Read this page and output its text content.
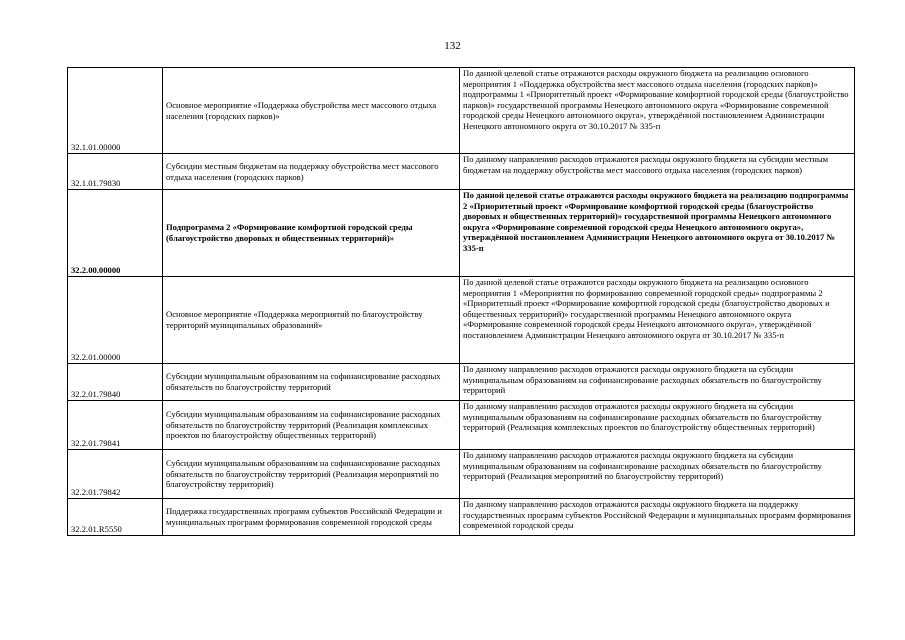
132
32.1.01.00000	Основное мероприятие «Поддержка обустройства мест массового отдыха населения (городских парков)»	По данной целевой статье отражаются расходы окружного бюджета на реализацию основного мероприятия 1 «Поддержка обустройства мест массового отдыха населения (городских парков)» подпрограммы 1 «Приоритетный проект «Формирование комфортной городской среды (благоустройство парков)» государственной программы Ненецкого автономного округа «Формирование современной городской среды Ненецкого автономного округа», утверждённой постановлением Администрации Ненецкого автономного округа от 30.10.2017 № 335-п
32.1.01.79830	Субсидии местным бюджетам на поддержку обустройства мест массового отдыха населения (городских парков)	По данному направлению расходов отражаются расходы окружного бюджета на субсидии местным бюджетам на поддержку обустройства мест массового отдыха населения (городских парков)
32.2.00.00000	Подпрограмма 2 «Формирование комфортной городской среды (благоустройство дворовых и общественных территорий)»	По данной целевой статье отражаются расходы окружного бюджета на реализацию подпрограммы 2 «Приоритетный проект «Формирование комфортной городской среды (благоустройство дворовых и общественных территорий)» государственной программы Ненецкого автономного округа «Формирование современной городской среды Ненецкого автономного округа», утверждённой постановлением Администрации Ненецкого автономного округа от 30.10.2017 № 335-п
32.2.01.00000	Основное мероприятие «Поддержка мероприятий по благоустройству территорий муниципальных образований»	По данной целевой статье отражаются расходы окружного бюджета на реализацию основного мероприятия 1 «Мероприятия по формированию современной городской среды» подпрограммы 2 «Приоритетный проект «Формирование комфортной городской среды (благоустройство дворовых и общественных территорий)» государственной программы Ненецкого автономного округа «Формирование современной городской среды Ненецкого автономного округа», утверждённой постановлением Администрации Ненецкого автономного округа от 30.10.2017 № 335-п
32.2.01.79840	Субсидии муниципальным образованиям на софинансирование расходных обязательств по благоустройству территорий	По данному направлению расходов отражаются расходы окружного бюджета на субсидии муниципальным образованиям на софинансирование расходных обязательств по благоустройству территорий
32.2.01.79841	Субсидии муниципальным образованиям на софинансирование расходных обязательств по благоустройству территорий (Реализация комплексных проектов по благоустройству общественных территорий)	По данному направлению расходов отражаются расходы окружного бюджета на субсидии муниципальным образованиям на софинансирование расходных обязательств по благоустройству территорий (Реализация комплексных проектов по благоустройству общественных территорий)
32.2.01.79842	Субсидии муниципальным образованиям на софинансирование расходных обязательств по благоустройству территорий (Реализация мероприятий по благоустройству территорий)	По данному направлению расходов отражаются расходы окружного бюджета на субсидии муниципальным образованиям на софинансирование расходных обязательств по благоустройству территорий (Реализация мероприятий по благоустройству территорий)
32.2.01.R5550	Поддержка государственных программ субъектов Российской Федерации и муниципальных программ формирования современной городской среды	По данному направлению расходов отражаются расходы окружного бюджета на поддержку государственных программ субъектов Российской Федерации и муниципальных программ формирования современной городской среды
